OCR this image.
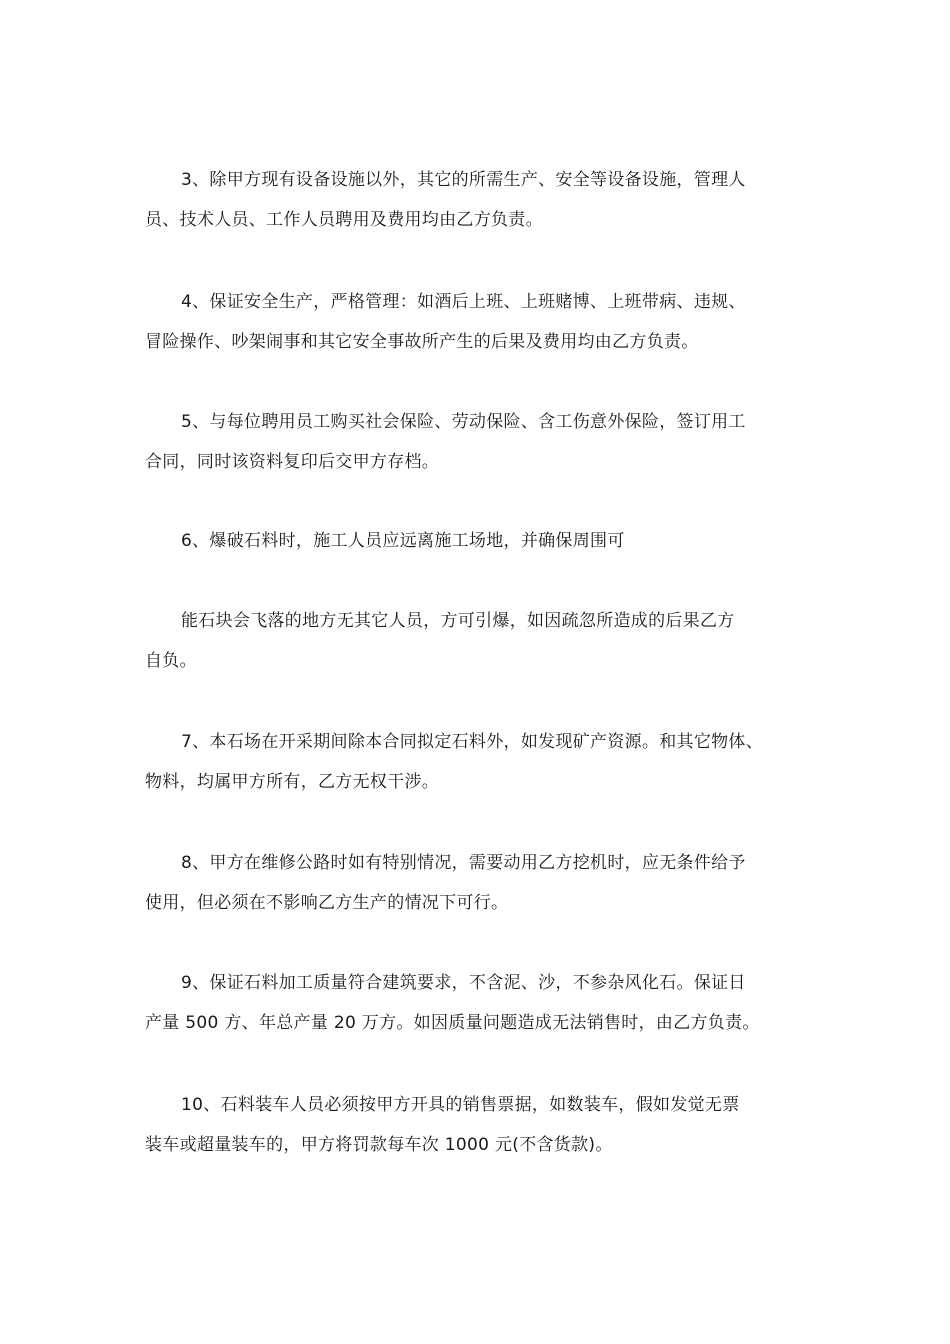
3、除甲方现有设备设施以外，其它的所需生产、安全等设备设施，管理人
员、技术人员、工作人员聘用及费用均由乙方负责。

4、保证安全生产，严格管理：如酒后上班、上班赌博、上班带病、违规、
冒险操作、吵架闹事和其它安全事故所产生的后果及费用均由乙方负责。

5、与每位聘用员工购买社会保险、劳动保险、含工伤意外保险，签订用工
合同，同时该资料复印后交甲方存档。

6、爆破石料时，施工人员应远离施工场地，并确保周围可

能石块会飞落的地方无其它人员，方可引爆，如因疏忽所造成的后果乙方
自负。

7、本石场在开采期间除本合同拟定石料外，如发现矿产资源。和其它物体、
物料，均属甲方所有，乙方无权干涉。

8、甲方在维修公路时如有特别情况，需要动用乙方挖机时，应无条件给予
使用，但必须在不影响乙方生产的情况下可行。

9、保证石料加工质量符合建筑要求，不含泥、沙，不参杂风化石。保证日
产量 500 方、年总产量 20 万方。如因质量问题造成无法销售时，由乙方负责。

10、石料装车人员必须按甲方开具的销售票据，如数装车，假如发觉无票
装车或超量装车的，甲方将罚款每车次 1000 元(不含货款)。
